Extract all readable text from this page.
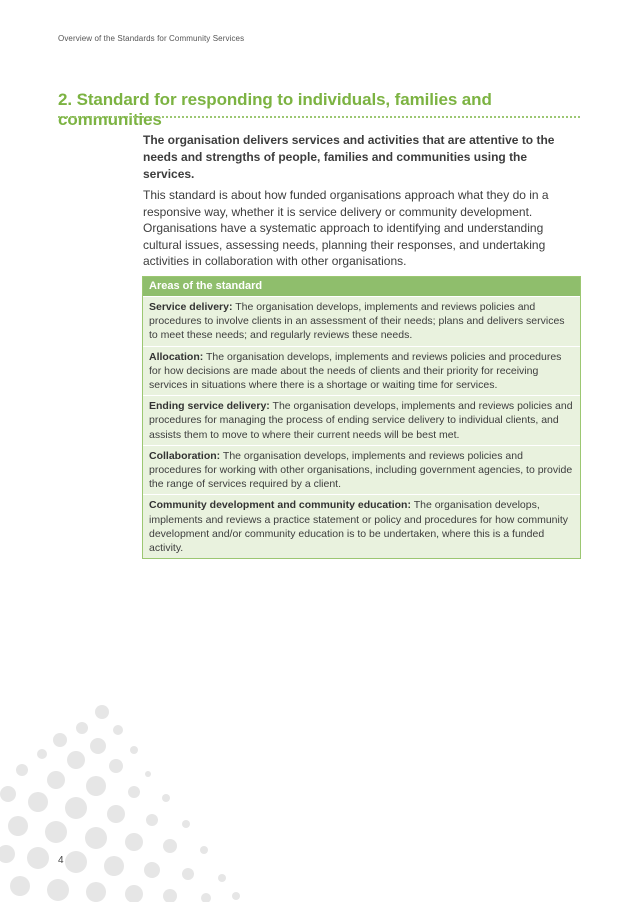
Overview of the Standards for Community Services
2. Standard for responding to individuals, families and communities

The organisation delivers services and activities that are attentive to the needs and strengths of people, families and communities using the services.

This standard is about how funded organisations approach what they do in a responsive way, whether it is service delivery or community development. Organisations have a systematic approach to identifying and understanding cultural issues, assessing needs, planning their responses, and undertaking activities in collaboration with other organisations.

Areas of the standard
Service delivery: The organisation develops, implements and reviews policies and procedures to involve clients in an assessment of their needs; plans and delivers services to meet these needs; and regularly reviews these needs.
Allocation: The organisation develops, implements and reviews policies and procedures for how decisions are made about the needs of clients and their priority for receiving services in situations where there is a shortage or waiting time for services.
Ending service delivery: The organisation develops, implements and reviews policies and procedures for managing the process of ending service delivery to individual clients, and assists them to move to where their current needs will be best met.
Collaboration: The organisation develops, implements and reviews policies and procedures for working with other organisations, including government agencies, to provide the range of services required by a client.
Community development and community education: The organisation develops, implements and reviews a practice statement or policy and procedures for how community development and/or community education is to be undertaken, where this is a funded activity.
4
